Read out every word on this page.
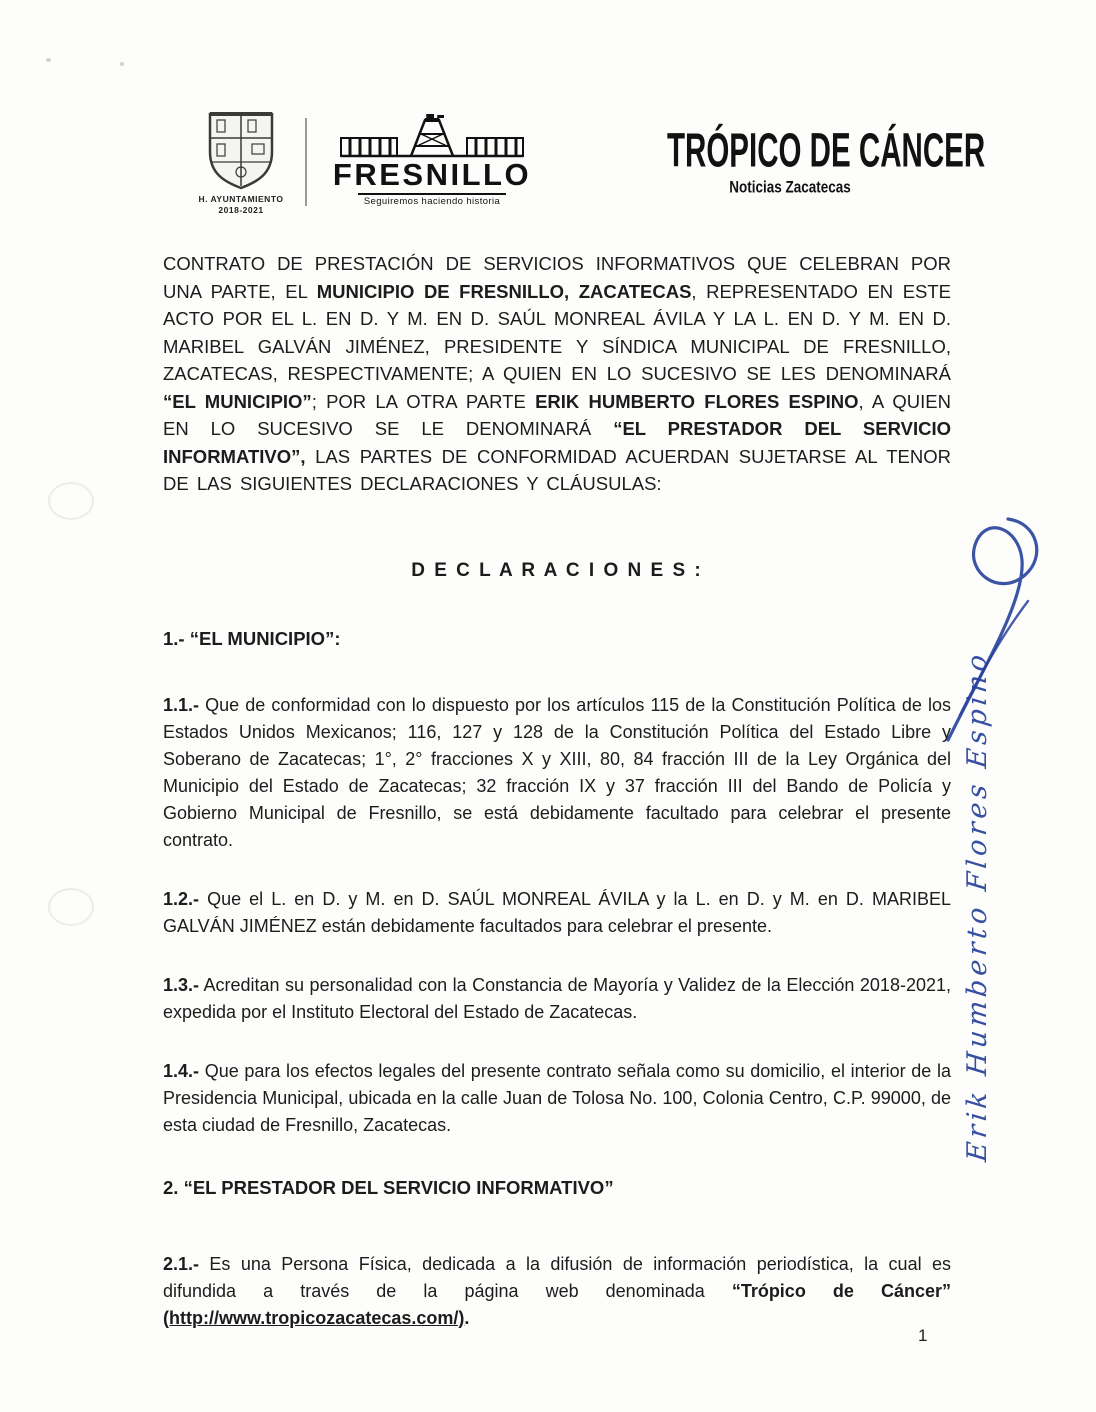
H. AYUNTAMIENTO
2018-2021
FRESNILLO
Seguiremos haciendo historia
TRÓPICO DE CÁNCER
Noticias Zacatecas

CONTRATO DE PRESTACIÓN DE SERVICIOS INFORMATIVOS QUE CELEBRAN POR UNA PARTE, EL MUNICIPIO DE FRESNILLO, ZACATECAS, REPRESENTADO EN ESTE ACTO POR EL L. EN D. Y M. EN D. SAÚL MONREAL ÁVILA Y LA L. EN D. Y M. EN D. MARIBEL GALVÁN JIMÉNEZ, PRESIDENTE Y SÍNDICA MUNICIPAL DE FRESNILLO, ZACATECAS, RESPECTIVAMENTE; A QUIEN EN LO SUCESIVO SE LES DENOMINARÁ “EL MUNICIPIO”; POR LA OTRA PARTE ERIK HUMBERTO FLORES ESPINO, A QUIEN EN LO SUCESIVO SE LE DENOMINARÁ “EL PRESTADOR DEL SERVICIO INFORMATIVO”, LAS PARTES DE CONFORMIDAD ACUERDAN SUJETARSE AL TENOR DE LAS SIGUIENTES DECLARACIONES Y CLÁUSULAS:

D E C L A R A C I O N E S :
1.- “EL MUNICIPIO”:

1.1.- Que de conformidad con lo dispuesto por los artículos 115 de la Constitución Política de los Estados Unidos Mexicanos; 116, 127 y 128 de la Constitución Política del Estado Libre y Soberano de Zacatecas; 1°, 2° fracciones X y XIII, 80, 84 fracción III de la Ley Orgánica del Municipio del Estado de Zacatecas; 32 fracción IX y 37 fracción III del Bando de Policía y Gobierno Municipal de Fresnillo, se está debidamente facultado para celebrar el presente contrato.

1.2.- Que el L. en D. y M. en D. SAÚL MONREAL ÁVILA y la L. en D. y M. en D. MARIBEL GALVÁN JIMÉNEZ están debidamente facultados para celebrar el presente.

1.3.- Acreditan su personalidad con la Constancia de Mayoría y Validez de la Elección 2018-2021, expedida por el Instituto Electoral del Estado de Zacatecas.

1.4.- Que para los efectos legales del presente contrato señala como su domicilio, el interior de la Presidencia Municipal, ubicada en la calle Juan de Tolosa No. 100, Colonia Centro, C.P. 99000, de esta ciudad de Fresnillo, Zacatecas.

2. “EL PRESTADOR DEL SERVICIO INFORMATIVO”

2.1.- Es una Persona Física, dedicada a la difusión de información periodística, la cual es difundida a través de la página web denominada “Trópico de Cáncer” (http://www.tropicozacatecas.com/).

Erik Humberto Flores Espino
1
